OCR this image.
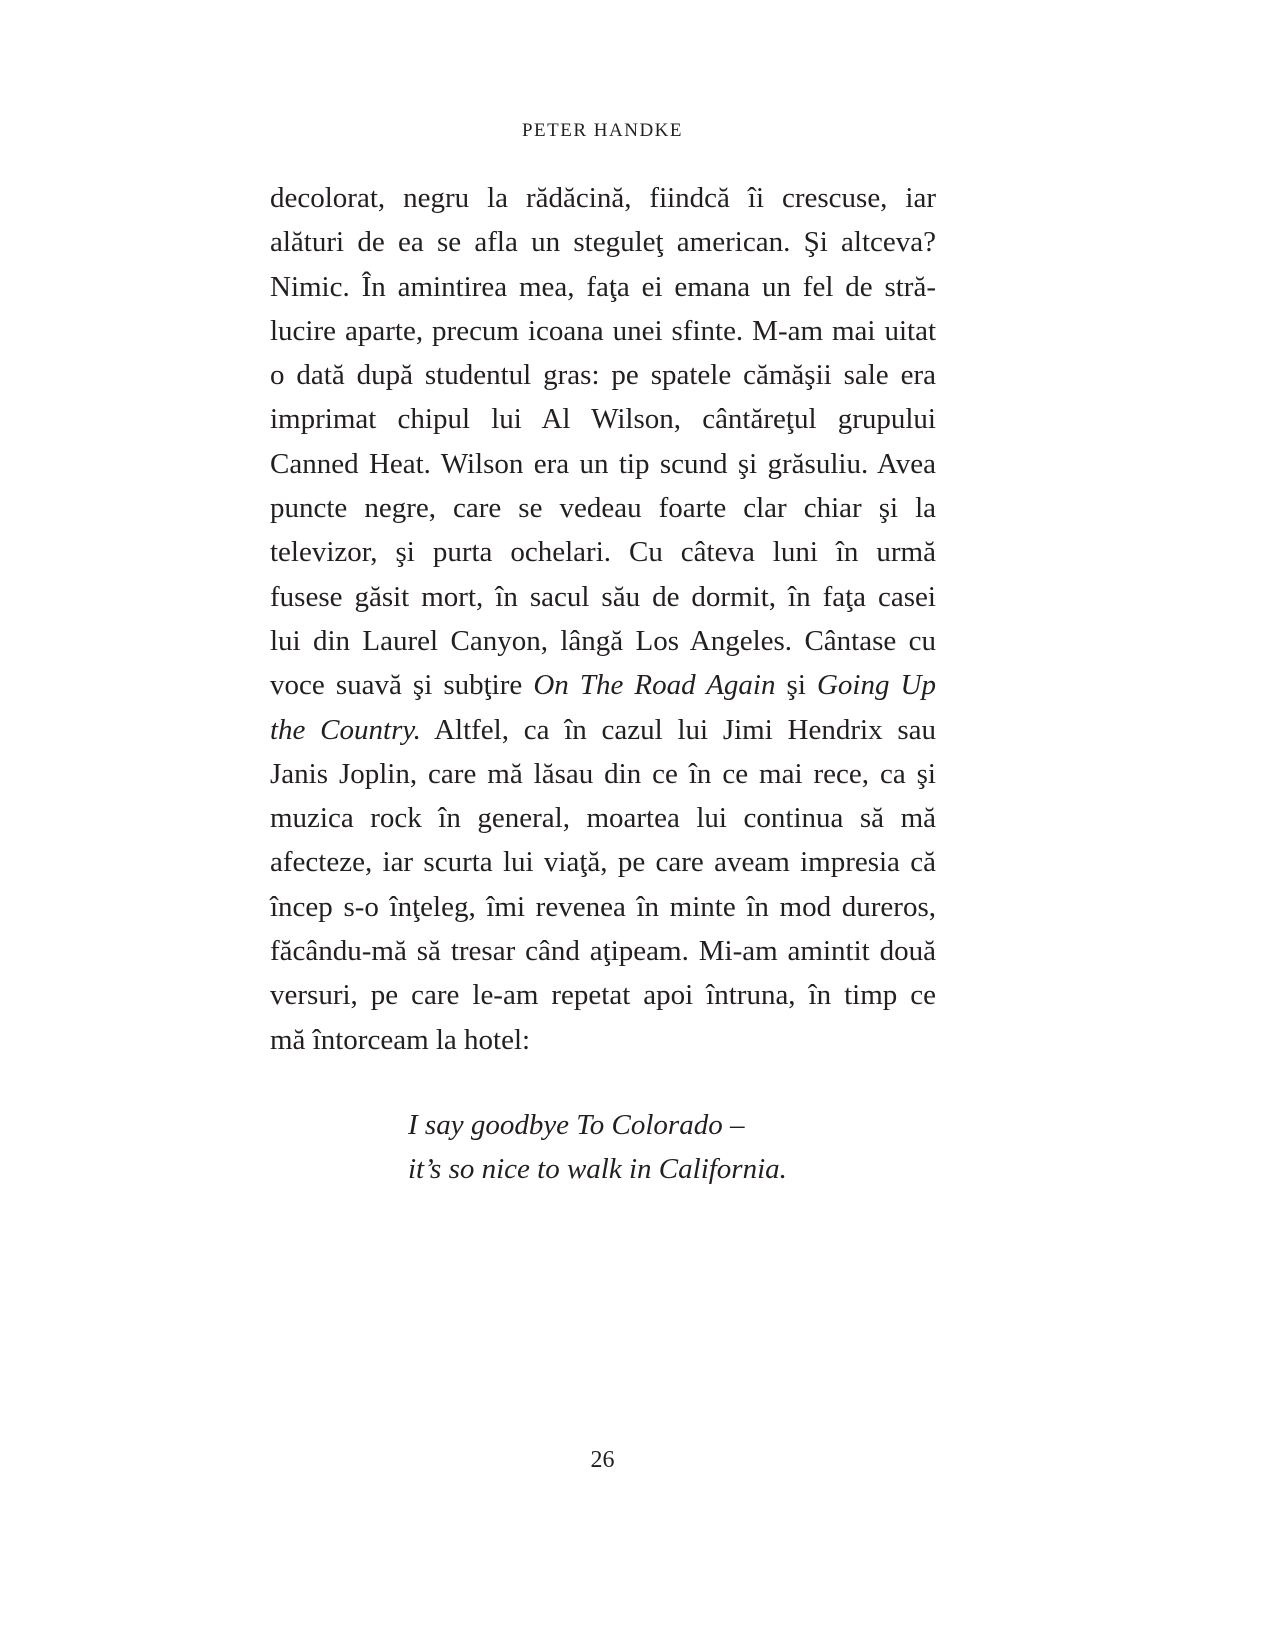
PETER HANDKE
decolorat, negru la rădăcină, fiindcă îi crescuse, iar
alături de ea se afla un steguleţ american. Şi altceva?
Nimic. În amintirea mea, faţa ei emana un fel de stră-
lucire aparte, precum icoana unei sfinte. M-am mai uitat
o dată după studentul gras: pe spatele cămăşii sale era
imprimat chipul lui Al Wilson, cântăreţul grupului
Canned Heat. Wilson era un tip scund şi grăsuliu. Avea
puncte negre, care se vedeau foarte clar chiar şi la
televizor, şi purta ochelari. Cu câteva luni în urmă
fusese găsit mort, în sacul său de dormit, în faţa casei
lui din Laurel Canyon, lângă Los Angeles. Cântase cu
voce suavă şi subţire On The Road Again şi Going Up
the Country. Altfel, ca în cazul lui Jimi Hendrix sau
Janis Joplin, care mă lăsau din ce în ce mai rece, ca şi
muzica rock în general, moartea lui continua să mă
afecteze, iar scurta lui viaţă, pe care aveam impresia că
încep s-o înţeleg, îmi revenea în minte în mod dureros,
făcându-mă să tresar când aţipeam. Mi-am amintit două
versuri, pe care le-am repetat apoi întruna, în timp ce
mă întorceam la hotel:
I say goodbye To Colorado –
it’s so nice to walk in California.
26
